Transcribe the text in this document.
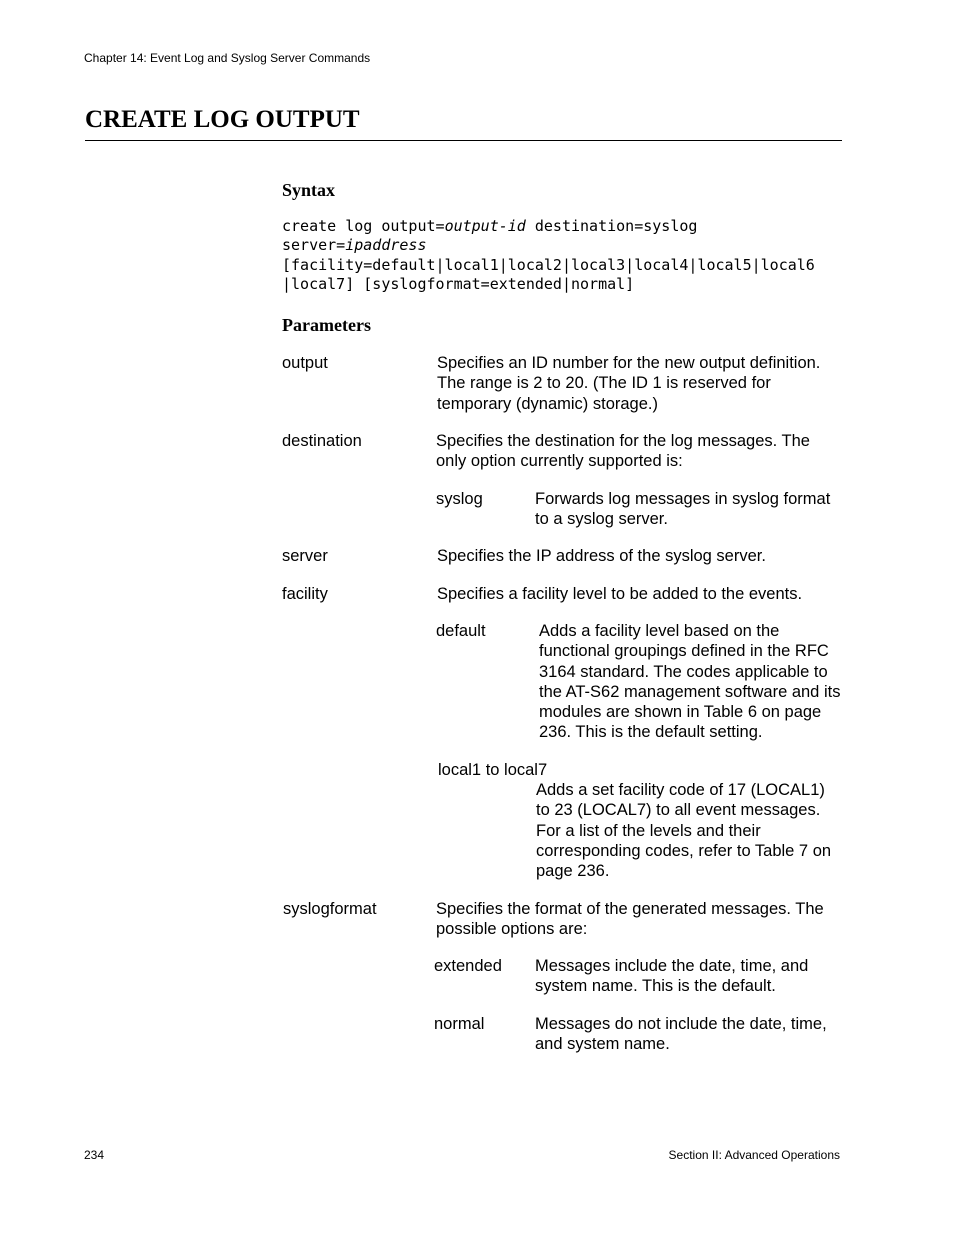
Chapter 14: Event Log and Syslog Server Commands
CREATE LOG OUTPUT
Syntax
create log output=output-id destination=syslog
server=ipaddress
[facility=default|local1|local2|local3|local4|local5|local6
|local7] [syslogformat=extended|normal]
Parameters
output	Specifies an ID number for the new output definition. The range is 2 to 20. (The ID 1 is reserved for temporary (dynamic) storage.)
destination	Specifies the destination for the log messages. The only option currently supported is:
syslog	Forwards log messages in syslog format to a syslog server.
server	Specifies the IP address of the syslog server.
facility	Specifies a facility level to be added to the events.
default	Adds a facility level based on the functional groupings defined in the RFC 3164 standard. The codes applicable to the AT-S62 management software and its modules are shown in Table 6 on page 236. This is the default setting.
local1 to local7
Adds a set facility code of 17 (LOCAL1) to 23 (LOCAL7) to all event messages. For a list of the levels and their corresponding codes, refer to Table 7 on page 236.
syslogformat	Specifies the format of the generated messages. The possible options are:
extended Messages include the date, time, and system name. This is the default.
normal	Messages do not include the date, time, and system name.
234	Section II: Advanced Operations
